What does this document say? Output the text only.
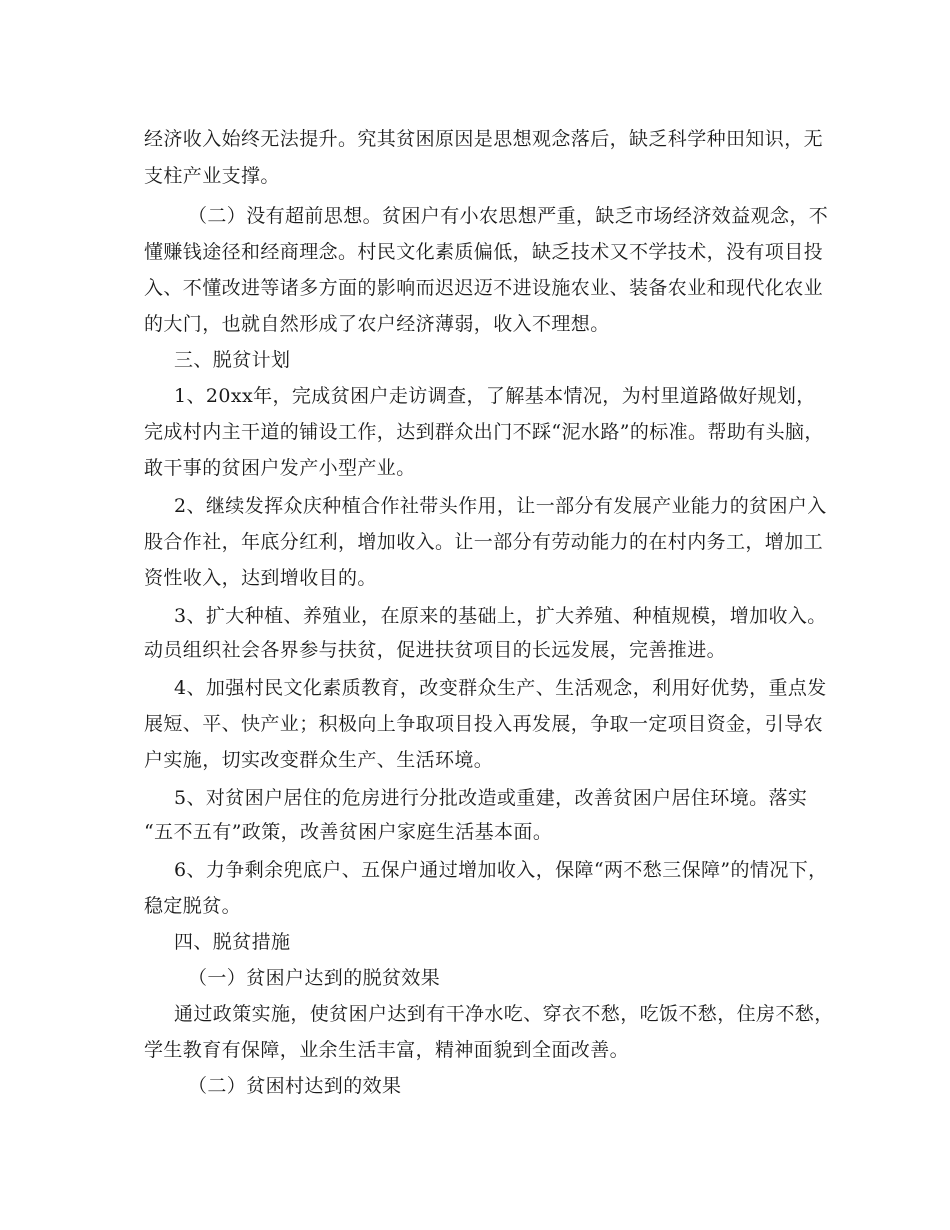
经济收入始终无法提升。究其贫困原因是思想观念落后，缺乏科学种田知识，无
支柱产业支撑。
（二）没有超前思想。贫困户有小农思想严重，缺乏市场经济效益观念，不
懂赚钱途径和经商理念。村民文化素质偏低，缺乏技术又不学技术，没有项目投
入、不懂改进等诸多方面的影响而迟迟迈不进设施农业、装备农业和现代化农业
的大门，也就自然形成了农户经济薄弱，收入不理想。
三、脱贫计划
1、20xx年，完成贫困户走访调查，了解基本情况，为村里道路做好规划，
完成村内主干道的铺设工作，达到群众出门不踩“泥水路”的标准。帮助有头脑，
敢干事的贫困户发产小型产业。
2、继续发挥众庆种植合作社带头作用，让一部分有发展产业能力的贫困户入
股合作社，年底分红利，增加收入。让一部分有劳动能力的在村内务工，增加工
资性收入，达到增收目的。
3、扩大种植、养殖业，在原来的基础上，扩大养殖、种植规模，增加收入。
动员组织社会各界参与扶贫，促进扶贫项目的长远发展，完善推进。
4、加强村民文化素质教育，改变群众生产、生活观念，利用好优势，重点发
展短、平、快产业；积极向上争取项目投入再发展，争取一定项目资金，引导农
户实施，切实改变群众生产、生活环境。
5、对贫困户居住的危房进行分批改造或重建，改善贫困户居住环境。落实
“五不五有”政策，改善贫困户家庭生活基本面。
6、力争剩余兜底户、五保户通过增加收入，保障“两不愁三保障”的情况下，
稳定脱贫。
四、脱贫措施
（一）贫困户达到的脱贫效果
通过政策实施，使贫困户达到有干净水吃、穿衣不愁，吃饭不愁，住房不愁，
学生教育有保障，业余生活丰富，精神面貌到全面改善。
（二）贫困村达到的效果
